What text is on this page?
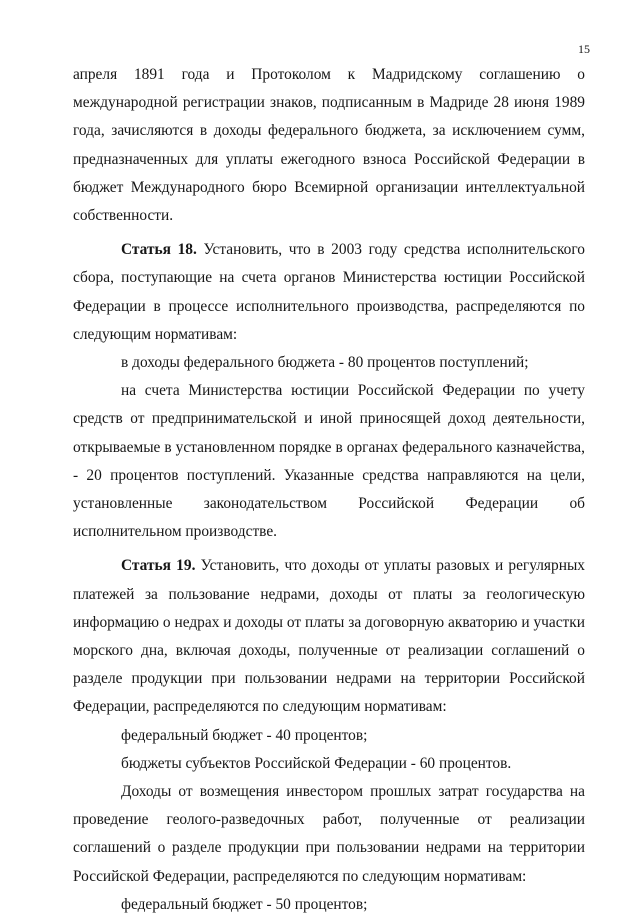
15

апреля 1891 года и Протоколом к Мадридскому соглашению о международной регистрации знаков, подписанным в Мадриде 28 июня 1989 года, зачисляются в доходы федерального бюджета, за исключением сумм, предназначенных для уплаты ежегодного взноса Российской Федерации в бюджет Международного бюро Всемирной организации интеллектуальной собственности.

Статья 18. Установить, что в 2003 году средства исполнительского сбора, поступающие на счета органов Министерства юстиции Российской Федерации в процессе исполнительного производства, распределяются по следующим нормативам:

в доходы федерального бюджета - 80 процентов поступлений;

на счета Министерства юстиции Российской Федерации по учету средств от предпринимательской и иной приносящей доход деятельности, открываемые в установленном порядке в органах федерального казначейства, - 20 процентов поступлений. Указанные средства направляются на цели, установленные законодательством Российской Федерации об исполнительном производстве.

Статья 19. Установить, что доходы от уплаты разовых и регулярных платежей за пользование недрами, доходы от платы за геологическую информацию о недрах и доходы от платы за договорную акваторию и участки морского дна, включая доходы, полученные от реализации соглашений о разделе продукции при пользовании недрами на территории Российской Федерации, распределяются по следующим нормативам:

федеральный бюджет - 40 процентов;

бюджеты субъектов Российской Федерации - 60 процентов.

Доходы от возмещения инвестором прошлых затрат государства на проведение геолого-разведочных работ, полученные от реализации соглашений о разделе продукции при пользовании недрами на территории Российской Федерации, распределяются по следующим нормативам:

федеральный бюджет - 50 процентов;
